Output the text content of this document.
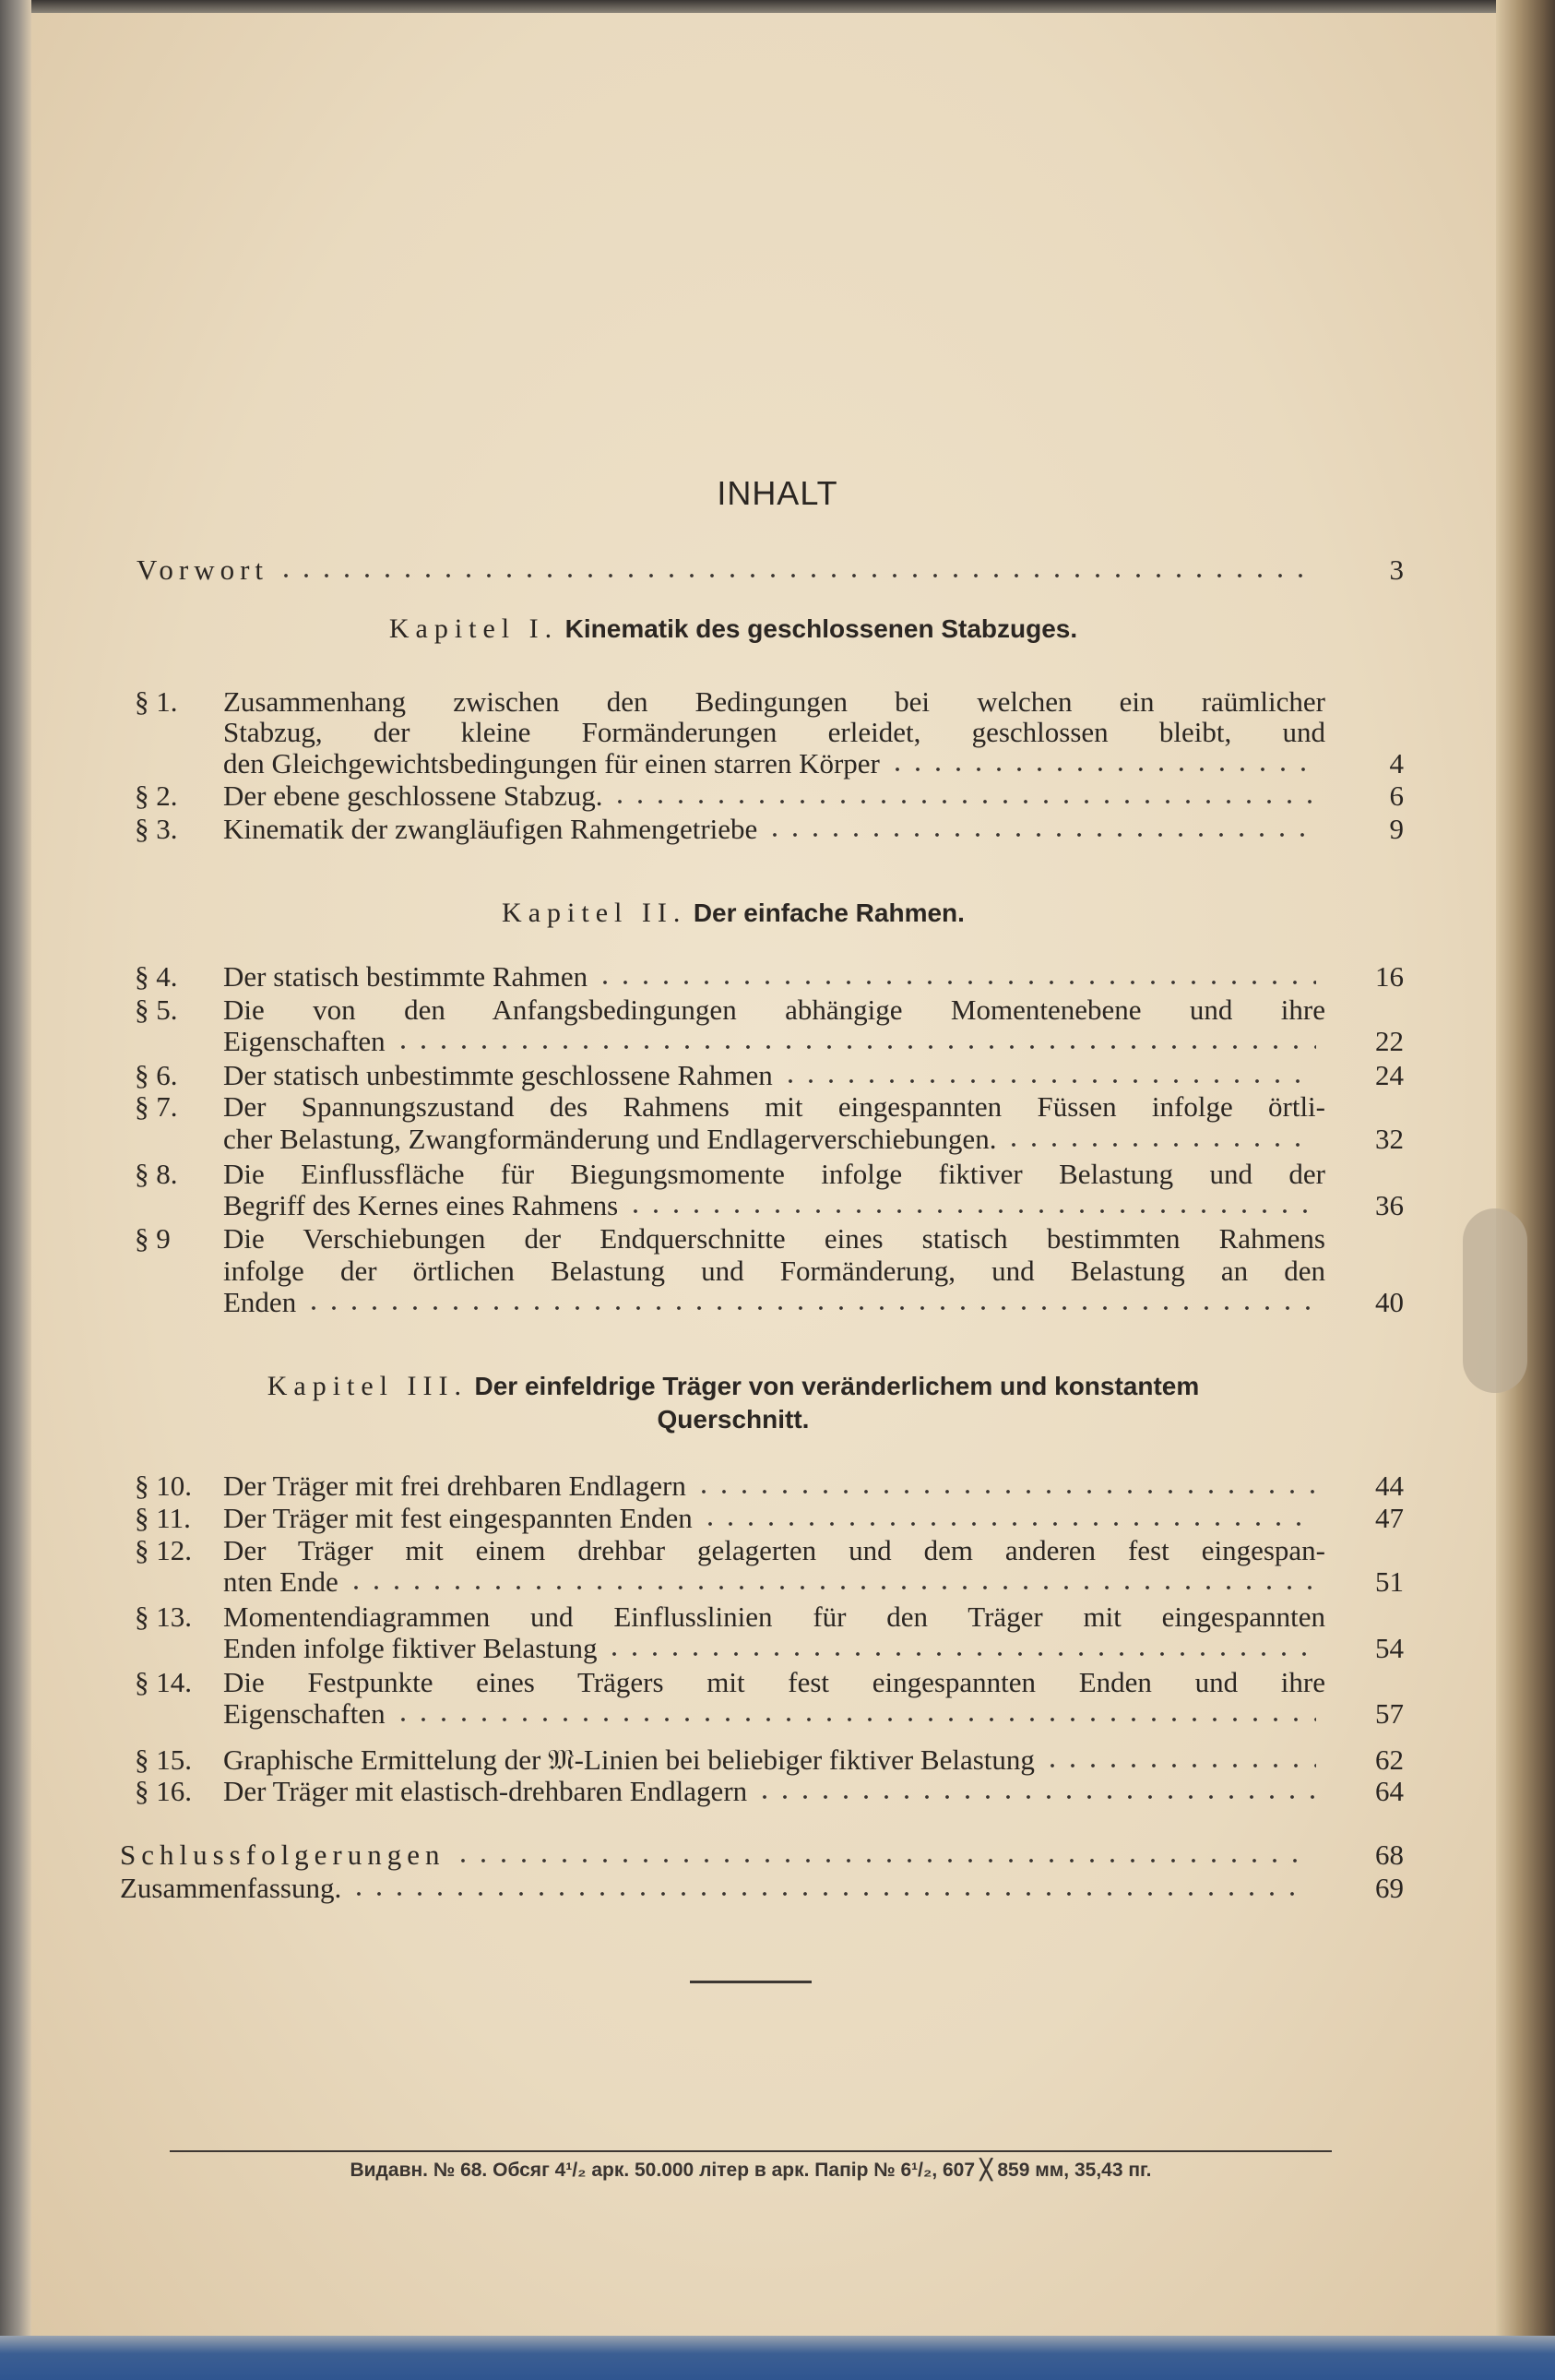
INHALT
Vorwort	3
Kapitel I. Kinematik des geschlossenen Stabzuges.
§ 1. Zusammenhang zwischen den Bedingungen bei welchen ein raümlicher
Stabzug, der kleine Formänderungen erleidet, geschlossen bleibt, und
den Gleichgewichtsbedingungen für einen starren Körper	4
§ 2. Der ebene geschlossene Stabzug.	6
§ 3. Kinematik der zwangläufigen Rahmengetriebe	9
Kapitel II. Der einfache Rahmen.
§ 4. Der statisch bestimmte Rahmen	16
§ 5. Die von den Anfangsbedingungen abhängige Momentenebene und ihre
Eigenschaften	22
§ 6. Der statisch unbestimmte geschlossene Rahmen	24
§ 7. Der Spannungszustand des Rahmens mit eingespannten Füssen infolge örtli-
cher Belastung, Zwangformänderung und Endlagerverschiebungen.	32
§ 8. Die Einflussfläche für Biegungsmomente infolge fiktiver Belastung und der
Begriff des Kernes eines Rahmens	36
§ 9 Die Verschiebungen der Endquerschnitte eines statisch bestimmten Rahmens
infolge der örtlichen Belastung und Formänderung, und Belastung an den
Enden	40
Kapitel III. Der einfeldrige Träger von veränderlichem und konstantem
Querschnitt.
§ 10. Der Träger mit frei drehbaren Endlagern	44
§ 11. Der Träger mit fest eingespannten Enden	47
§ 12. Der Träger mit einem drehbar gelagerten und dem anderen fest eingespan-
nten Ende	51
§ 13. Momentendiagrammen und Einflusslinien für den Träger mit eingespannten
Enden infolge fiktiver Belastung	54
§ 14. Die Festpunkte eines Trägers mit fest eingespannten Enden und ihre
Eigenschaften	57
§ 15. Graphische Ermittelung der 𝔐-Linien bei beliebiger fiktiver Belastung	62
§ 16. Der Träger mit elastisch-drehbaren Endlagern	64
Schlussfolgerungen	68
Zusammenfassung.	69
Видавн. № 68. Обсяг 4¹/₂ арк. 50.000 літер в арк. Папір № 6¹/₂, 607 ╳ 859 мм, 35,43 пг.
